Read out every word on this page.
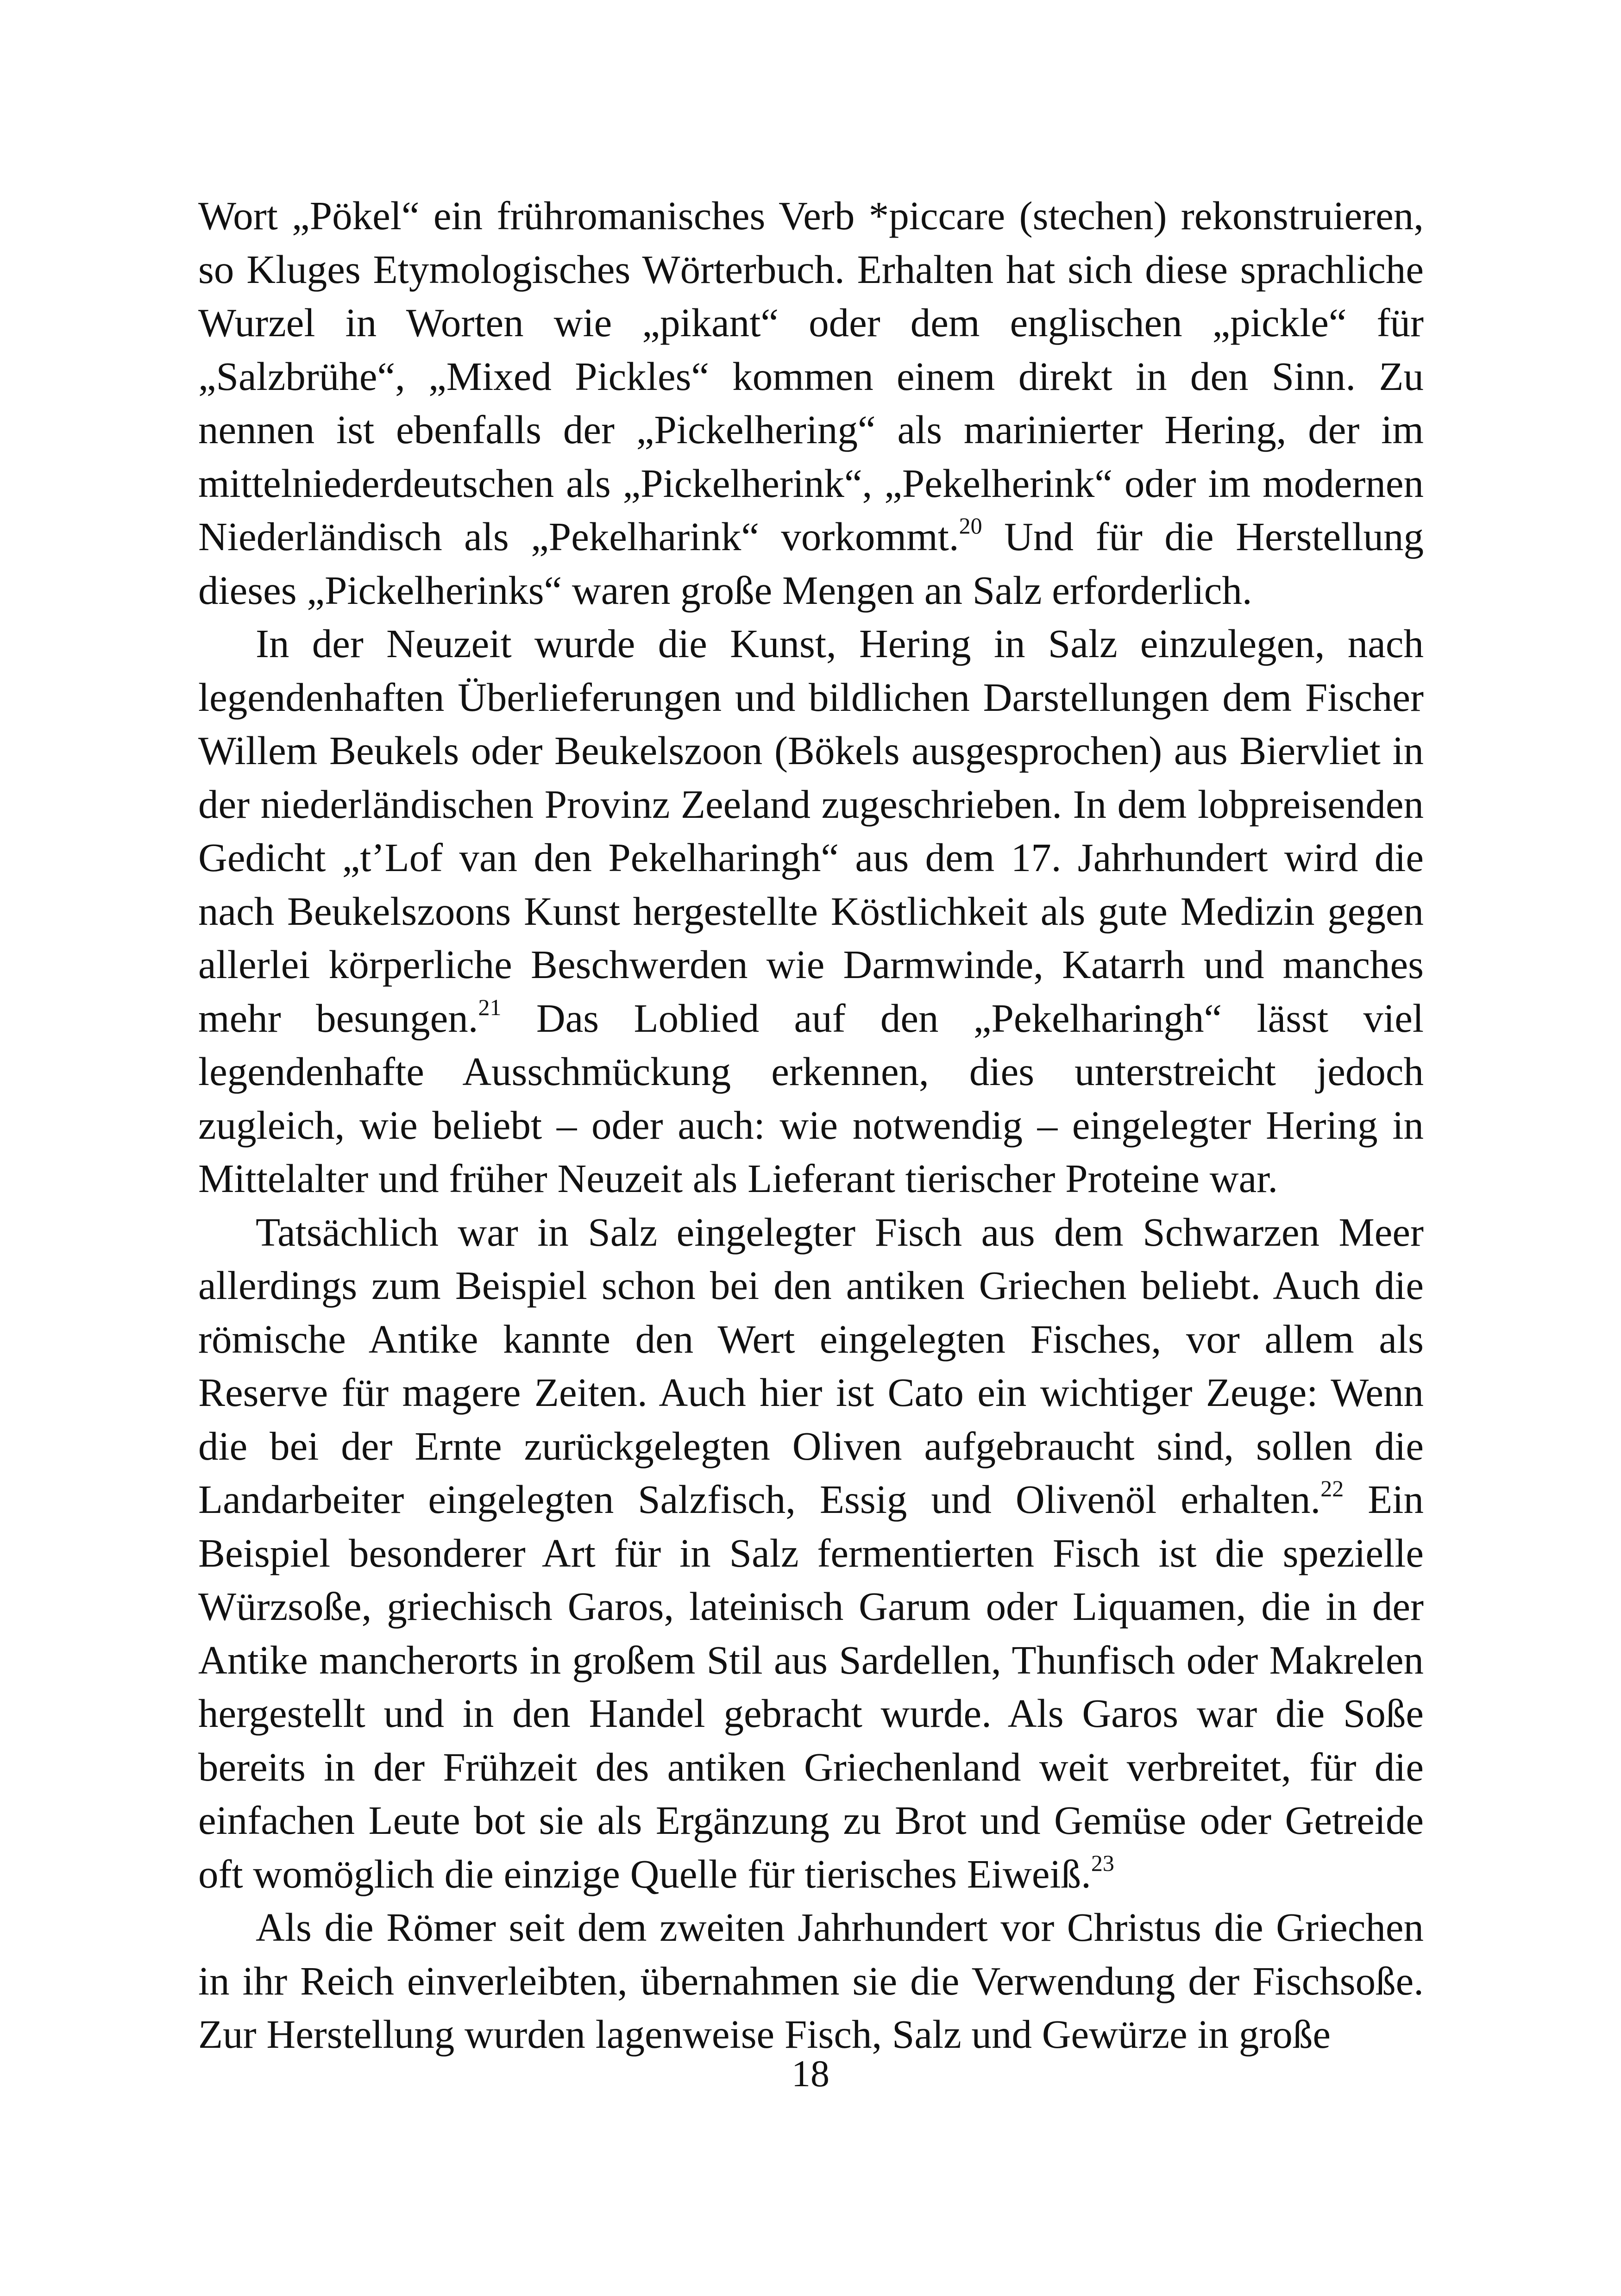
Wort „Pökel“ ein frühromanisches Verb *piccare (stechen) rekonstruieren, so Kluges Etymologisches Wörterbuch. Erhalten hat sich diese sprachliche Wurzel in Worten wie „pikant“ oder dem englischen „pickle“ für „Salzbrühe“, „Mixed Pickles“ kommen einem direkt in den Sinn. Zu nennen ist ebenfalls der „Pickelhering“ als marinierter Hering, der im mittelniederdeutschen als „Pickelherink“, „Pekelherink“ oder im modernen Niederländisch als „Pekelharink“ vorkommt.$^{20}$ Und für die Herstellung dieses „Pickelherinks“ waren große Mengen an Salz erforderlich.

In der Neuzeit wurde die Kunst, Hering in Salz einzulegen, nach legendenhaften Überlieferungen und bildlichen Darstellungen dem Fischer Willem Beukels oder Beukelszoon (Bökels ausgesprochen) aus Biervliet in der niederländischen Provinz Zeeland zugeschrieben. In dem lobpreisenden Gedicht „t’Lof van den Pekelharingh“ aus dem 17. Jahrhundert wird die nach Beukelszoons Kunst hergestellte Köstlichkeit als gute Medizin gegen allerlei körperliche Beschwerden wie Darmwinde, Katarrh und manches mehr besungen.$^{21}$ Das Loblied auf den „Pekelharingh“ lässt viel legendenhafte Ausschmückung erkennen, dies unterstreicht jedoch zugleich, wie beliebt – oder auch: wie notwendig – eingelegter Hering in Mittelalter und früher Neuzeit als Lieferant tierischer Proteine war.

Tatsächlich war in Salz eingelegter Fisch aus dem Schwarzen Meer allerdings zum Beispiel schon bei den antiken Griechen beliebt. Auch die römische Antike kannte den Wert eingelegten Fisches, vor allem als Reserve für magere Zeiten. Auch hier ist Cato ein wichtiger Zeuge: Wenn die bei der Ernte zurückgelegten Oliven aufgebraucht sind, sollen die Landarbeiter eingelegten Salzfisch, Essig und Olivenöl erhalten.$^{22}$ Ein Beispiel besonderer Art für in Salz fermentierten Fisch ist die spezielle Würzsoße, griechisch Garos, lateinisch Garum oder Liquamen, die in der Antike mancherorts in großem Stil aus Sardellen, Thunfisch oder Makrelen hergestellt und in den Handel gebracht wurde. Als Garos war die Soße bereits in der Frühzeit des antiken Griechenland weit verbreitet, für die einfachen Leute bot sie als Ergänzung zu Brot und Gemüse oder Getreide oft womöglich die einzige Quelle für tierisches Eiweiß.$^{23}$

Als die Römer seit dem zweiten Jahrhundert vor Christus die Griechen in ihr Reich einverleibten, übernahmen sie die Verwendung der Fischsoße. Zur Herstellung wurden lagenweise Fisch, Salz und Gewürze in große

18
